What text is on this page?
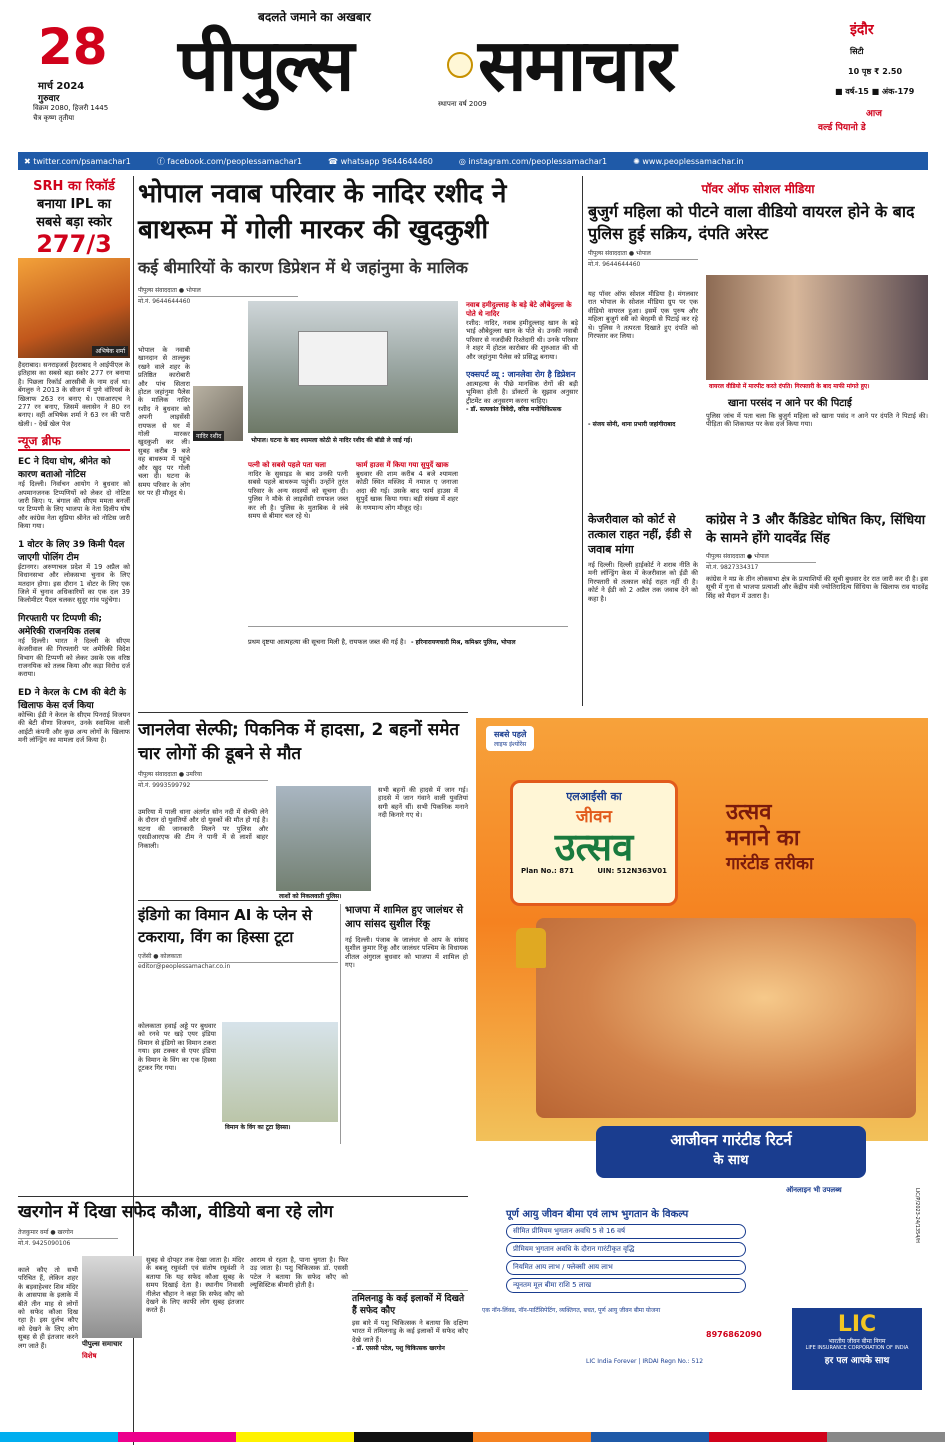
28
मार्च 2024
गुरुवार
विक्रम 2080, हिजरी 1445
चैत्र कृष्ण तृतीया
बदलते जमाने का अखबार
पीपुल्स समाचार
स्थापना वर्ष 2009
इंदौर
सिटी
10 पृष्ठ ₹ 2.50
■ वर्ष-15 ■ अंक-179
आज
वर्ल्ड पियानो डे
✖ twitter.com/psamachar1	ⓕ facebook.com/peoplessamachar1	☎ whatsapp 9644644460	◎ instagram.com/peoplessamachar1	✺ www.peoplessamachar.in
SRH का रिकॉर्ड
बनाया IPL का
सबसे बड़ा स्कोर
277/3
अभिषेक शर्मा

हैदराबाद। सनराइजर्स हैदराबाद ने आईपीएल के इतिहास का सबसे बड़ा स्कोर 277 रन बनाया है। पिछला रिकॉर्ड आरसीबी के नाम दर्ज था। बेंगलुरु ने 2013 के सीजन में पुणे वॉरियर्स के खिलाफ 263 रन बनाए थे। एसआरएच ने 277 रन बनाए, जिसमें क्लासेन ने 80 रन बनाए। वहीं अभिषेक शर्मा ने 63 रन की पारी खेली। - देखें खेल पेज

न्यूज ब्रीफ
EC ने दिया घोष, श्रीनेत को कारण बताओ नोटिस

नई दिल्ली। निर्वाचन आयोग ने बुधवार को अपमानजनक टिप्पणियों को लेकर दो नोटिस जारी किए। प. बंगाल की सीएम ममता बनर्जी पर टिप्पणी के लिए भाजपा के नेता दिलीप घोष और कांग्रेस नेता सुप्रिया श्रीनेत को नोटिस जारी किया गया।

1 वोटर के लिए 39 किमी पैदल जाएगी पोलिंग टीम

ईटानगर। अरुणाचल प्रदेश में 19 अप्रैल को विधानसभा और लोकसभा चुनाव के लिए मतदान होगा। इस दौरान 1 वोटर के लिए एक जिले में चुनाव अधिकारियों का एक दल 39 किलोमीटर पैदल चलकर सुदूर गांव पहुंचेगा।

गिरफ्तारी पर टिप्पणी की; अमेरिकी राजनयिक तलब

नई दिल्ली। भारत ने दिल्ली के सीएम केजरीवाल की गिरफ्तारी पर अमेरिकी विदेश विभाग की टिप्पणी को लेकर उसके एक वरिष्ठ राजनयिक को तलब किया और कड़ा विरोध दर्ज कराया।

ED ने केरल के CM की बेटी के खिलाफ केस दर्ज किया

कोच्चि। ईडी ने केरल के सीएम पिनराई विजयन की बेटी वीणा विजयन, उनके स्वामित्व वाली आईटी कंपनी और कुछ अन्य लोगों के खिलाफ मनी लॉन्ड्रिंग का मामला दर्ज किया है।

भोपाल नवाब परिवार के नादिर रशीद ने
बाथरूम में गोली मारकर की खुदकुशी
कई बीमारियों के कारण डिप्रेशन में थे जहांनुमा के मालिक
पीपुल्स संवाददाता ● भोपाल
मो.नं. 9644644460
भोपाल। घटना के बाद श्यामला कोठी से नादिर रशीद की बॉडी ले जाई गई।
नादिर रशीद

भोपाल के नवाबी खानदान से ताल्लुक रखने वाले शहर के प्रतिष्ठित कारोबारी और पांच सितारा होटल जहांनुमा पैलेस के मालिक नादिर रशीद ने बुधवार को अपनी लाइसेंसी रायफल से घर में गोली मारकर खुदकुशी कर ली। सुबह करीब 9 बजे वह बाथरूम में पहुंचे और खुद पर गोली चला दी। घटना के समय परिवार के लोग घर पर ही मौजूद थे।

पत्नी को सबसे पहले पता चला

नादिर के सुसाइड के बाद उनकी पत्नी सबसे पहले बाथरूम पहुंचीं। उन्होंने तुरंत परिवार के अन्य सदस्यों को सूचना दी। पुलिस ने मौके से लाइसेंसी रायफल जब्त कर ली है। पुलिस के मुताबिक वे लंबे समय से बीमार चल रहे थे।

फार्म हाउस में किया गया सुपुर्दे खाक

बुधवार की शाम करीब 4 बजे श्यामला कोठी स्थित मस्जिद में नमाज ए जनाजा अदा की गई। उसके बाद फार्म हाउस में सुपुर्दे खाक किया गया। बड़ी संख्या में शहर के गणमान्य लोग मौजूद रहे।

नवाब हमीदुल्लाह के बड़े बेटे औबेदुल्ला के पोते थे नादिर

रशीद: नादिर, नवाब हमीदुल्लाह खान के बड़े भाई औबेदुल्ला खान के पोते थे। उनकी नवाबी परिवार से नजदीकी रिश्तेदारी थी। उनके परिवार ने शहर में होटल कारोबार की शुरुआत की थी और जहांनुमा पैलेस को प्रसिद्ध बनाया।

एक्सपर्ट व्यू : जानलेवा रोग है डिप्रेशन

आत्महत्या के पीछे मानसिक रोगों की बड़ी भूमिका होती है। डॉक्टरों के सुझाव अनुसार ट्रीटमेंट का अनुसरण करना चाहिए।

- डॉ. सत्यकांत त्रिवेदी, वरिष्ठ मनोचिकित्सक
प्रथम दृष्टया आत्महत्या की सूचना मिली है, रायफल जब्त की गई है। - हरिनारायणचारी मिश्र, कमिश्नर पुलिस, भोपाल
पॉवर ऑफ सोशल मीडिया
बुजुर्ग महिला को पीटने वाला वीडियो वायरल होने के बाद पुलिस हुई सक्रिय, दंपति अरेस्ट
पीपुल्स संवाददाता ● भोपाल
मो.नं. 9644644460

यह पॉवर ऑफ सोशल मीडिया है। मंगलवार रात भोपाल के सोशल मीडिया ग्रुप पर एक वीडियो वायरल हुआ। इसमें एक पुरुष और महिला बुजुर्ग स्त्री को बेरहमी से पिटाई कर रहे थे। पुलिस ने तत्परता दिखाते हुए दंपति को गिरफ्तार कर लिया।

वायरल वीडियो में मारपीट करते दंपति। गिरफ्तारी के बाद माफी मांगते हुए।
खाना परसंद न आने पर की पिटाई

पुलिस जांच में पता चला कि बुजुर्ग महिला को खाना पसंद न आने पर दंपति ने पिटाई की। पीड़िता की शिकायत पर केस दर्ज किया गया।

- संजय सोनी, थाना प्रभारी जहांगीराबाद
केजरीवाल को कोर्ट से तत्काल राहत नहीं, ईडी से जवाब मांगा

नई दिल्ली। दिल्ली हाईकोर्ट ने शराब नीति के मनी लॉन्ड्रिंग केस में केजरीवाल को ईडी की गिरफ्तारी से तत्काल कोई राहत नहीं दी है। कोर्ट ने ईडी को 2 अप्रैल तक जवाब देने को कहा है।

कांग्रेस ने 3 और कैंडिडेट घोषित किए, सिंधिया के सामने होंगे यादवेंद्र सिंह
पीपुल्स संवाददाता ● भोपाल
मो.नं. 9827334317

कांग्रेस ने मप्र के तीन लोकसभा क्षेत्र के प्रत्याशियों की सूची बुधवार देर रात जारी कर दी है। इस सूची में गुना से भाजपा प्रत्याशी और केंद्रीय मंत्री ज्योतिरादित्य सिंधिया के खिलाफ राव यादवेंद्र सिंह को मैदान में उतारा है।

जानलेवा सेल्फी; पिकनिक में हादसा, 2 बहनों समेत चार लोगों की डूबने से मौत
पीपुल्स संवाददाता ● उमरिया
मो.नं. 9993599792

उमरिया में पाली थाना अंतर्गत सोन नदी में सेल्फी लेने के दौरान दो युवतियों और दो युवकों की मौत हो गई है। घटना की जानकारी मिलने पर पुलिस और एसडीआरएफ की टीम ने पानी में से लाशों बाहर निकाली।

लाशों को निकलवाती पुलिस।

सभी बहनों की हादसे में जान गई। हादसे में जान गंवाने वाली युवतियां सगी बहनें थीं। सभी पिकनिक मनाने नदी किनारे गए थे।

इंडिगो का विमान AI के प्लेन से टकराया, विंग का हिस्सा टूटा
एजेंसी ● कोलकाता
editor@peoplessamachar.co.in

कोलकाता हवाई अड्डे पर बुधवार को रनवे पर खड़े एयर इंडिया विमान से इंडिगो का विमान टकरा गया। इस टक्कर से एयर इंडिया के विमान के विंग का एक हिस्सा टूटकर गिर गया।

विमान के विंग का टूटा हिस्सा।
भाजपा में शामिल हुए जालंधर से आप सांसद सुशील रिंकू

नई दिल्ली। पंजाब के जालंधर से आप के सांसद सुशील कुमार रिंकू और जालंधर पश्चिम के विधायक शीतल अंगुराल बुधवार को भाजपा में शामिल हो गए।

खरगोन में दिखा सफेद कौआ, वीडियो बना रहे लोग
तेजकुमार वर्मा ● खरगोन
मो.नं. 9425090106

काले कौए तो सभी परिचित हैं, लेकिन शहर के बड़वाहेश्वर शिव मंदिर के आसपास के इलाके में बीते तीन माह से लोगों को सफेद कौआ दिख रहा है। इस दुर्लभ कौए को देखने के लिए लोग सुबह से ही इंतजार करने लग जाते हैं।	पीपुल्स समाचार
विशेष

सुबह से दोपहर तक देखा जाता है। मंदिर के बबलू रघुवंशी एवं संतोष रघुवंशी ने बताया कि यह सफेद कौआ सुबह के समय दिखाई देता है। स्थानीय निवासी नीलेश चौहान ने कहा कि सफेद कौए को देखने के लिए काफी लोग सुबह इंतजार करते हैं।

आराम से रहता है, पाना चुगता है। फिर उड़ जाता है। पशु चिकित्सक डॉ. एससी पटेल ने बताया कि सफेद कौए को ल्यूसिस्टिक बीमारी होती है।

तमिलनाडु के कई इलाकों में दिखते हैं सफेद कौए

इस बारे में पशु चिकित्सक ने बताया कि दक्षिण भारत में तमिलनाडु के कई इलाकों में सफेद कौए देखे जाते हैं।

- डॉ. एससी पटेल, पशु चिकित्सक खरगोन
सबसे पहले
लाइफ इंश्योरेंस
एलआईसी का
जीवन
उत्सव
Plan No.: 871	UIN: 512N363V01
उत्सव
मनाने का
गारंटीड तरीका
आजीवन गारंटीड रिटर्न
के साथ
ऑनलाइन भी उपलब्ध
पूर्ण आयु जीवन बीमा एवं लाभ भुगतान के विकल्प
सीमित प्रीमियम भुगतान अवधि 5 से 16 वर्ष
प्रीमियम भुगतान अवधि के दौरान गारंटीकृत वृद्धि
नियमित आय लाभ / फ्लेक्सी आय लाभ
न्यूनतम मूल बीमा राशि 5 लाख
एक नॉन-लिंक्ड, नॉन-पार्टिसिपेटिंग, व्यक्तिगत, बचत, पूर्ण आयु जीवन बीमा योजना
8976862090
LIC India Forever | IRDAI Regn No.: 512
LIC
भारतीय जीवन बीमा निगम
LIFE INSURANCE CORPORATION OF INDIA
हर पल आपके साथ
LIC/P/2023-24/1354/H
